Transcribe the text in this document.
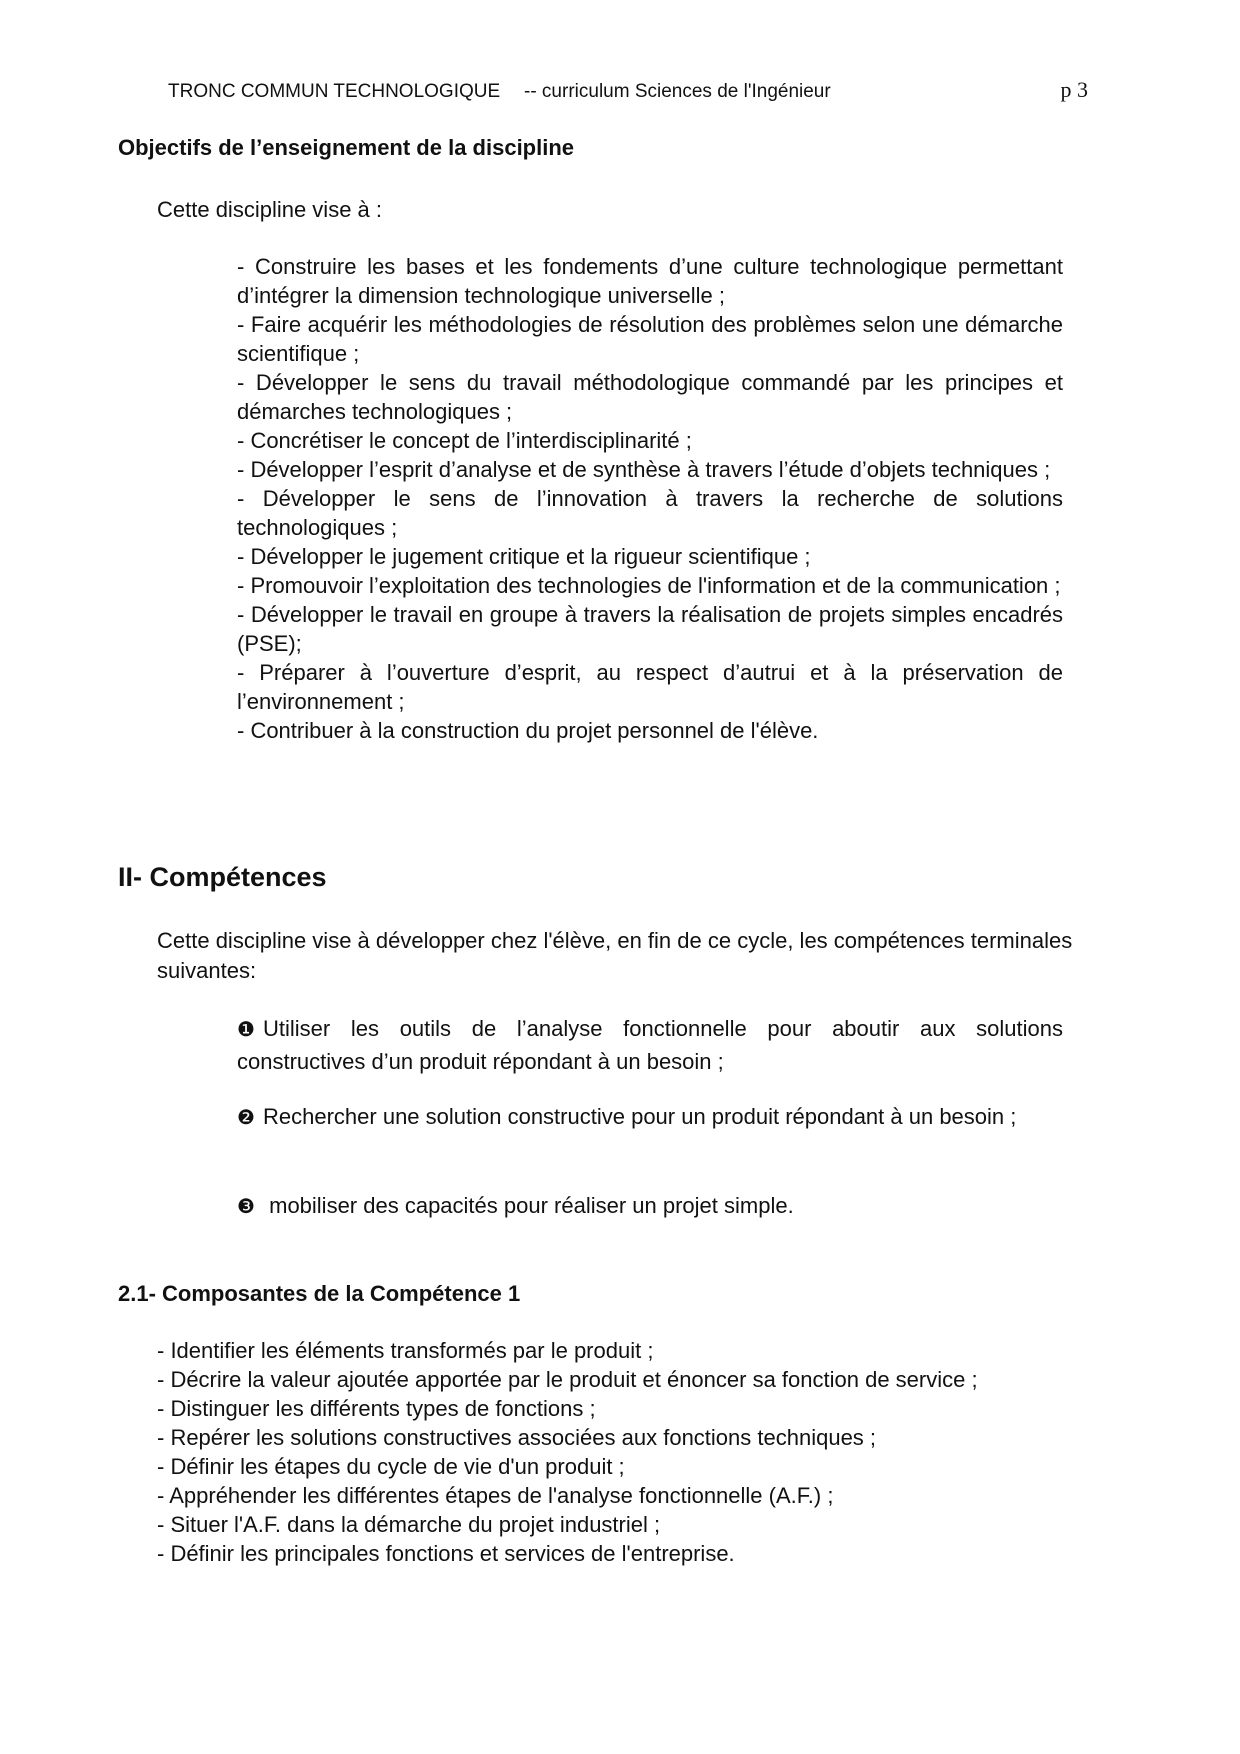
TRONC COMMUN TECHNOLOGIQUE -- curriculum Sciences de l'Ingénieur	p 3
Objectifs de l’enseignement de la discipline
Cette discipline vise à :

- Construire les bases et les fondements d’une culture technologique permettant d’intégrer la dimension technologique universelle ;

- Faire acquérir les méthodologies de résolution des problèmes selon une démarche scientifique ;

- Développer le sens du travail méthodologique commandé par les principes et démarches technologiques ;

- Concrétiser le concept de l’interdisciplinarité ;

- Développer l’esprit d’analyse et de synthèse à travers l’étude d’objets techniques ;

- Développer le sens de l’innovation à travers la recherche de solutions technologiques ;

- Développer le jugement critique et la rigueur scientifique ;

- Promouvoir l’exploitation des technologies de l'information et de la communication ;

- Développer le travail en groupe à travers la réalisation de projets simples encadrés (PSE);

- Préparer à l’ouverture d’esprit, au respect d’autrui et à la préservation de l’environnement ;

- Contribuer à la construction du projet personnel de l'élève.

II- Compétences
Cette discipline vise à développer chez l'élève, en fin de ce cycle, les compétences terminales suivantes:
❶ Utiliser les outils de l’analyse fonctionnelle pour aboutir aux solutions constructives d’un produit répondant à un besoin ;
❷ Rechercher une solution constructive pour un produit répondant à un besoin ;
❸ mobiliser des capacités pour réaliser un projet simple.
2.1- Composantes de la Compétence 1

- Identifier les éléments transformés par le produit ;

- Décrire la valeur ajoutée apportée par le produit et énoncer sa fonction de service ;

- Distinguer les différents types de fonctions ;

- Repérer les solutions constructives associées aux fonctions techniques ;

- Définir les étapes du cycle de vie d'un produit ;

- Appréhender les différentes étapes de l'analyse fonctionnelle (A.F.) ;

- Situer l'A.F. dans la démarche du projet industriel ;

- Définir les principales fonctions et services de l'entreprise.
